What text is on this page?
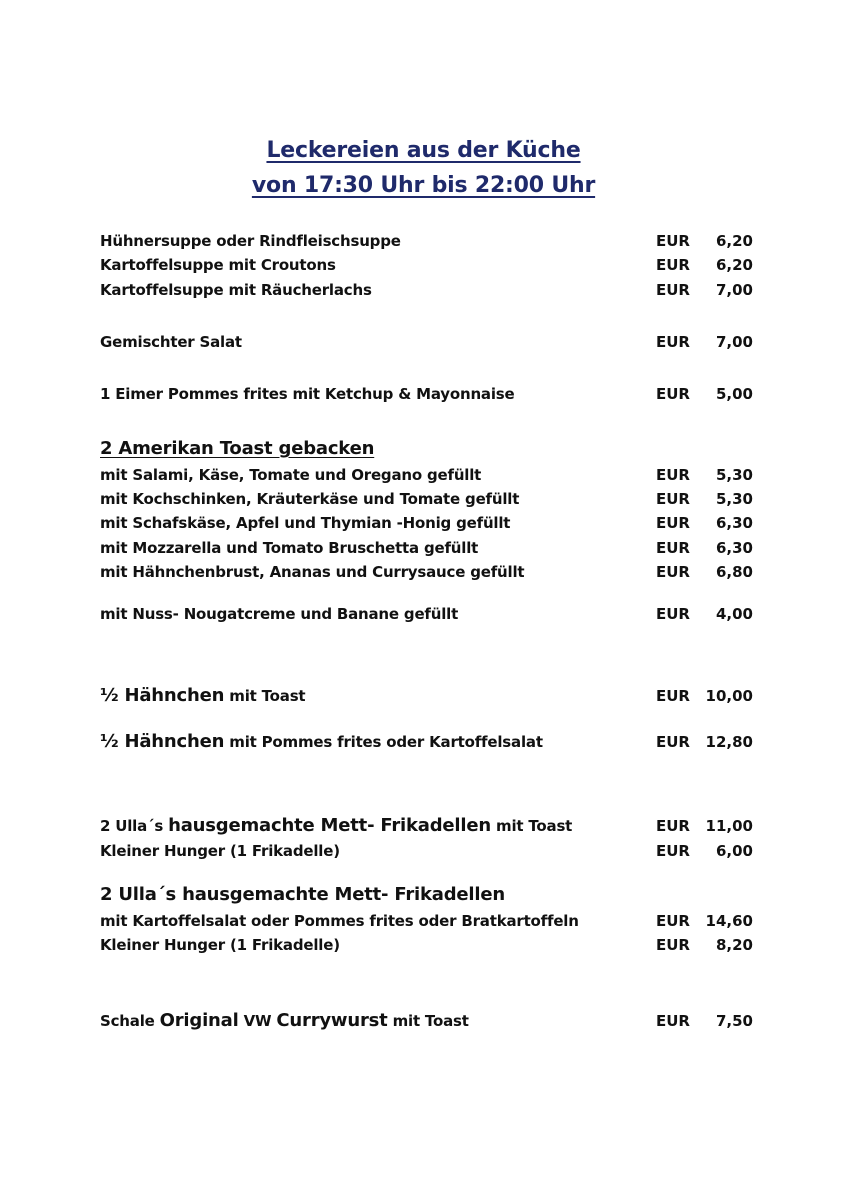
Leckereien aus der Küche
von 17:30 Uhr bis 22:00 Uhr
Hühnersuppe oder Rindfleischsuppe	EUR 6,20
Kartoffelsuppe mit Croutons	EUR 6,20
Kartoffelsuppe mit Räucherlachs	EUR 7,00
Gemischter Salat	EUR 7,00
1 Eimer Pommes frites mit Ketchup & Mayonnaise	EUR 5,00
2 Amerikan Toast gebacken
mit Salami, Käse, Tomate und Oregano gefüllt	EUR 5,30
mit Kochschinken, Kräuterkäse und Tomate gefüllt	EUR 5,30
mit Schafskäse, Apfel und Thymian -Honig gefüllt	EUR 6,30
mit Mozzarella und Tomato Bruschetta gefüllt	EUR 6,30
mit Hähnchenbrust, Ananas und Currysauce gefüllt	EUR 6,80
mit Nuss- Nougatcreme und Banane gefüllt	EUR 4,00
½ Hähnchen mit Toast	EUR 10,00
½ Hähnchen mit Pommes frites oder Kartoffelsalat	EUR 12,80
2 Ulla´s hausgemachte Mett- Frikadellen mit Toast	EUR 11,00
Kleiner Hunger (1 Frikadelle)	EUR 6,00
2 Ulla´s hausgemachte Mett- Frikadellen
mit Kartoffelsalat oder Pommes frites oder Bratkartoffeln	EUR 14,60
Kleiner Hunger (1 Frikadelle)	EUR 8,20
Schale Original VW Currywurst mit Toast	EUR 7,50
